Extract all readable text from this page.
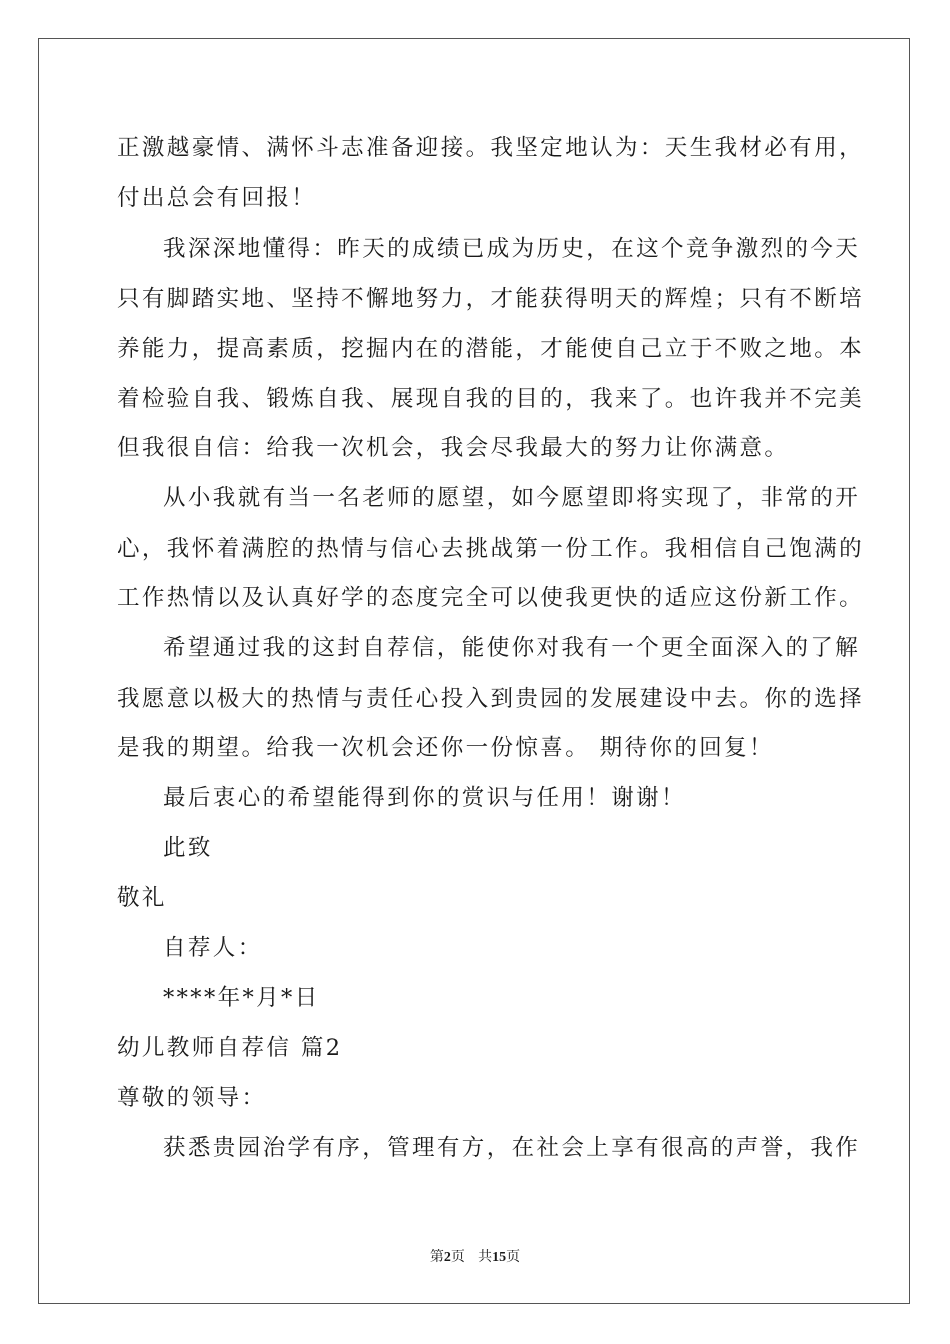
正激越豪情、满怀斗志准备迎接。我坚定地认为：天生我材必有用，
付出总会有回报！
我深深地懂得：昨天的成绩已成为历史，在这个竞争激烈的今天
只有脚踏实地、坚持不懈地努力，才能获得明天的辉煌；只有不断培
养能力，提高素质，挖掘内在的潜能，才能使自己立于不败之地。本
着检验自我、锻炼自我、展现自我的目的，我来了。也许我并不完美
但我很自信：给我一次机会，我会尽我最大的努力让你满意。
从小我就有当一名老师的愿望，如今愿望即将实现了，非常的开
心，我怀着满腔的热情与信心去挑战第一份工作。我相信自己饱满的
工作热情以及认真好学的态度完全可以使我更快的适应这份新工作。
希望通过我的这封自荐信，能使你对我有一个更全面深入的了解
我愿意以极大的热情与责任心投入到贵园的发展建设中去。你的选择
是我的期望。给我一次机会还你一份惊喜。 期待你的回复！
最后衷心的希望能得到你的赏识与任用！谢谢！
此致
敬礼
自荐人：
****年*月*日
幼儿教师自荐信 篇2
尊敬的领导：
获悉贵园治学有序，管理有方，在社会上享有很高的声誉，我作
第2页 共15页
